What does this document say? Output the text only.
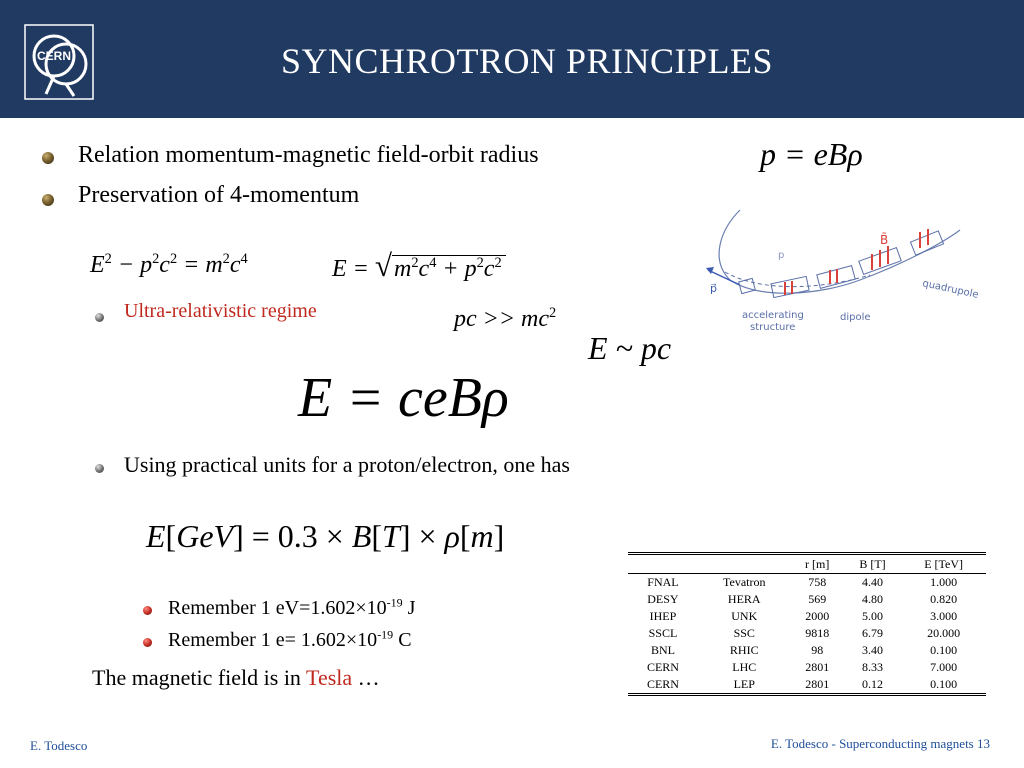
CERN	SYNCHROTRON PRINCIPLES
Relation momentum-magnetic field-orbit radius	p = eBρ
Preservation of 4-momentum
$E^2 - p^2c^2 = m^2c^4$	$E = √m^2c^4 + p^2c^2$
Ultra-relativistic regime	pc >> $mc^2$
E ~ pc
E = ceBρ
Using practical units for a proton/electron, one has
E[GeV] = 0.3 × B[T] × ρ[m]
Remember 1 $eV=1.602\times 10^{-19}$ J
Remember 1 $e= 1.602\times 10^{-19}$ C
The magnetic field is in Tesla …
p⃗
p
B̄
quadrupole
accelerating
structure
dipole
		r [m]	B [T]	E [TeV]
FNAL	Tevatron	758	4.40	1.000
DESY	HERA	569	4.80	0.820
IHEP	UNK	2000	5.00	3.000
SSCL	SSC	9818	6.79	20.000
BNL	RHIC	98	3.40	0.100
CERN	LHC	2801	8.33	7.000
CERN	LEP	2801	0.12	0.100
E. Todesco	E. Todesco - Superconducting magnets 13
